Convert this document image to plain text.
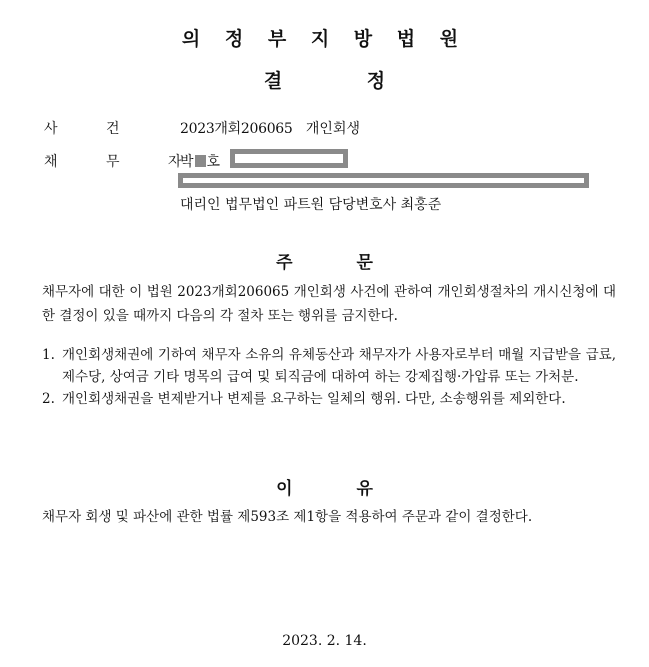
의 정 부 지 방 법 원
결 정
사 건	2023개회206065 개인회생
채 무 자
박 호
대리인 법무법인 파트원 담당변호사 최홍준
주 문
채무자에 대한 이 법원 2023개회206065 개인회생 사건에 관하여 개인회생절차의 개시신청에 대한 결정이 있을 때까지 다음의 각 절차 또는 행위를 금지한다.
1. 개인회생채권에 기하여 채무자 소유의 유체동산과 채무자가 사용자로부터 매월 지급받을 급료, 제수당, 상여금 기타 명목의 급여 및 퇴직금에 대하여 하는 강제집행·가압류 또는 가처분.
2. 개인회생채권을 변제받거나 변제를 요구하는 일체의 행위. 다만, 소송행위를 제외한다.
이 유
채무자 회생 및 파산에 관한 법률 제593조 제1항을 적용하여 주문과 같이 결정한다.
2023. 2. 14.
